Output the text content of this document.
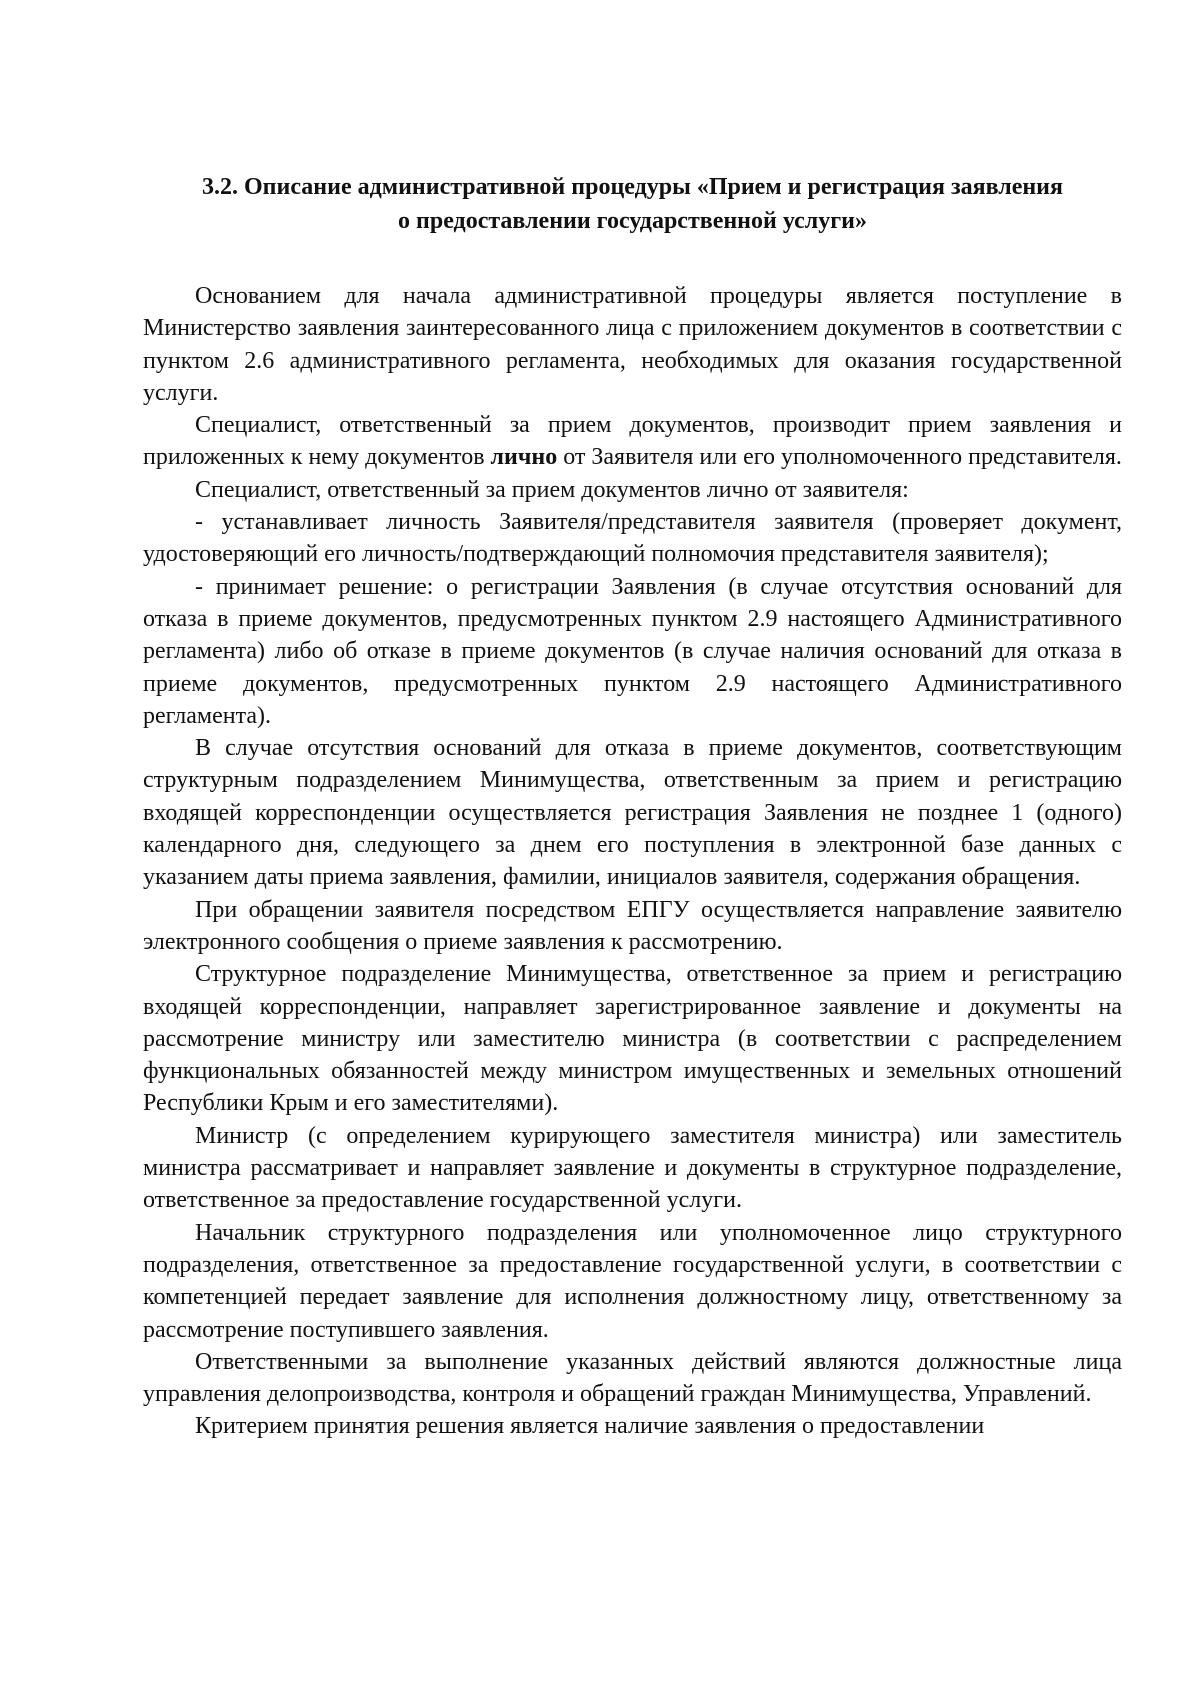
3.2. Описание административной процедуры «Прием и регистрация заявления
о предоставлении государственной услуги»

Основанием для начала административной процедуры является поступление в Министерство заявления заинтересованного лица с приложением документов в соответствии с пунктом 2.6 административного регламента, необходимых для оказания государственной услуги.

Специалист, ответственный за прием документов, производит прием заявления и приложенных к нему документов лично от Заявителя или его уполномоченного представителя.

Специалист, ответственный за прием документов лично от заявителя:

- устанавливает личность Заявителя/представителя заявителя (проверяет документ, удостоверяющий его личность/подтверждающий полномочия представителя заявителя);

- принимает решение: о регистрации Заявления (в случае отсутствия оснований для отказа в приеме документов, предусмотренных пунктом 2.9 настоящего Административного регламента) либо об отказе в приеме документов (в случае наличия оснований для отказа в приеме документов, предусмотренных пунктом 2.9 настоящего Административного регламента).

В случае отсутствия оснований для отказа в приеме документов, соответствующим структурным подразделением Минимущества, ответственным за прием и регистрацию входящей корреспонденции осуществляется регистрация Заявления не позднее 1 (одного) календарного дня, следующего за днем его поступления в электронной базе данных с указанием даты приема заявления, фамилии, инициалов заявителя, содержания обращения.

При обращении заявителя посредством ЕПГУ осуществляется направление заявителю электронного сообщения о приеме заявления к рассмотрению.

Структурное подразделение Минимущества, ответственное за прием и регистрацию входящей корреспонденции, направляет зарегистрированное заявление и документы на рассмотрение министру или заместителю министра (в соответствии с распределением функциональных обязанностей между министром имущественных и земельных отношений Республики Крым и его заместителями).

Министр (с определением курирующего заместителя министра) или заместитель министра рассматривает и направляет заявление и документы в структурное подразделение, ответственное за предоставление государственной услуги.

Начальник структурного подразделения или уполномоченное лицо структурного подразделения, ответственное за предоставление государственной услуги, в соответствии с компетенцией передает заявление для исполнения должностному лицу, ответственному за рассмотрение поступившего заявления.

Ответственными за выполнение указанных действий являются должностные лица управления делопроизводства, контроля и обращений граждан Минимущества, Управлений.

Критерием принятия решения является наличие заявления о предоставлении
